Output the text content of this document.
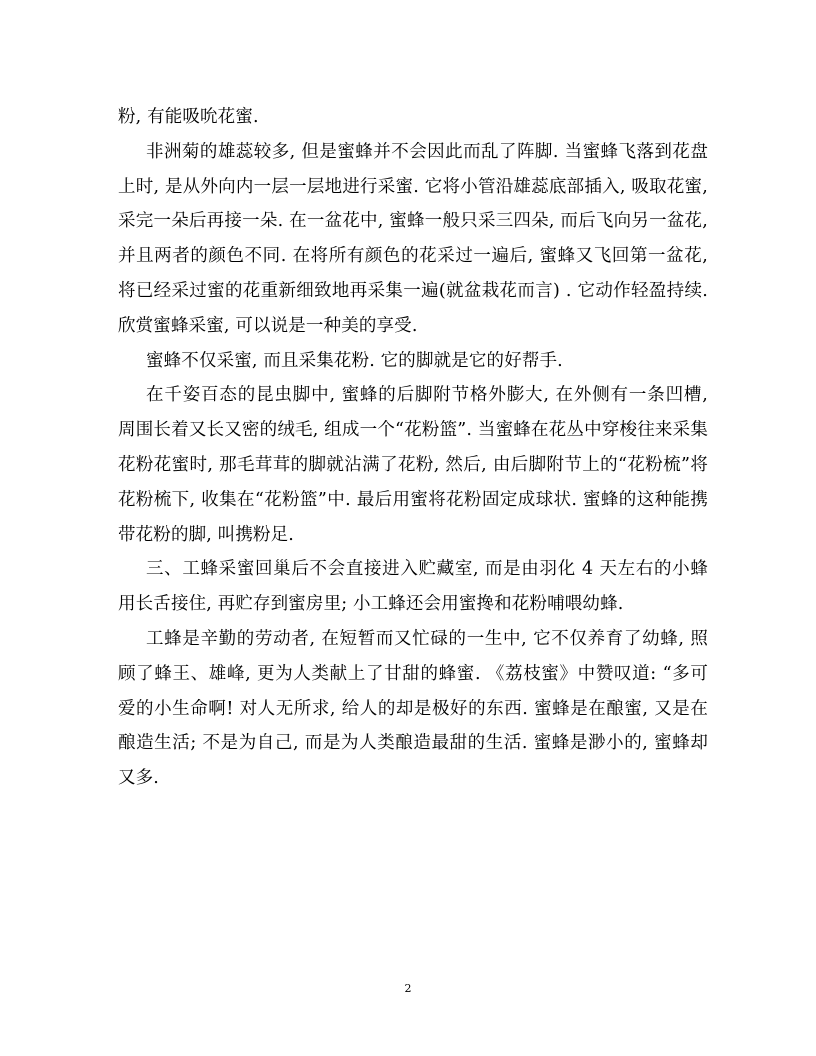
粉, 有能吸吮花蜜.

非洲菊的雄蕊较多, 但是蜜蜂并不会因此而乱了阵脚. 当蜜蜂飞落到花盘上时, 是从外向内一层一层地进行采蜜. 它将小管沿雄蕊底部插入, 吸取花蜜, 采完一朵后再接一朵. 在一盆花中, 蜜蜂一般只采三四朵, 而后飞向另一盆花, 并且两者的颜色不同. 在将所有颜色的花采过一遍后, 蜜蜂又飞回第一盆花, 将已经采过蜜的花重新细致地再采集一遍(就盆栽花而言) . 它动作轻盈持续. 欣赏蜜蜂采蜜, 可以说是一种美的享受.

蜜蜂不仅采蜜, 而且采集花粉. 它的脚就是它的好帮手.

在千姿百态的昆虫脚中, 蜜蜂的后脚附节格外膨大, 在外侧有一条凹槽, 周围长着又长又密的绒毛, 组成一个“花粉篮”. 当蜜蜂在花丛中穿梭往来采集花粉花蜜时, 那毛茸茸的脚就沾满了花粉, 然后, 由后脚附节上的“花粉梳”将花粉梳下, 收集在“花粉篮”中. 最后用蜜将花粉固定成球状. 蜜蜂的这种能携带花粉的脚, 叫携粉足.

三、工蜂采蜜回巢后不会直接进入贮藏室, 而是由羽化 4 天左右的小蜂用长舌接住, 再贮存到蜜房里; 小工蜂还会用蜜搀和花粉哺喂幼蜂.

工蜂是辛勤的劳动者, 在短暂而又忙碌的一生中, 它不仅养育了幼蜂, 照顾了蜂王、雄峰, 更为人类献上了甘甜的蜂蜜. 《荔枝蜜》中赞叹道: “多可爱的小生命啊! 对人无所求, 给人的却是极好的东西. 蜜蜂是在酿蜜, 又是在酿造生活; 不是为自己, 而是为人类酿造最甜的生活. 蜜蜂是渺小的, 蜜蜂却又多.

2
